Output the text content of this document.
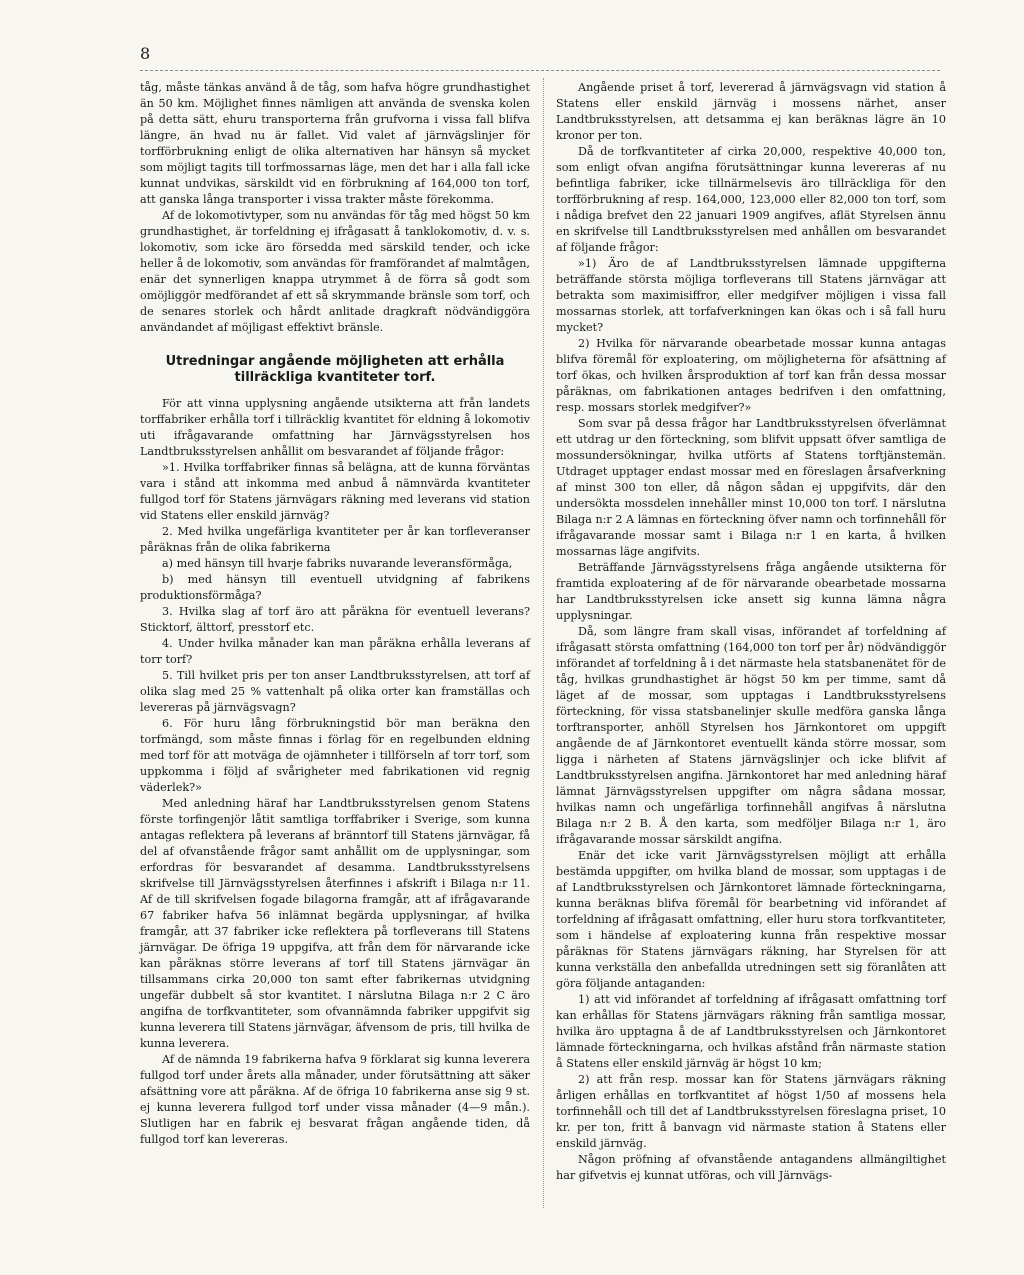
8

tåg, måste tänkas använd å de tåg, som hafva högre grundhastighet än 50 km. Möjlighet finnes nämligen att använda de svenska kolen på detta sätt, ehuru transporterna från grufvorna i vissa fall blifva längre, än hvad nu är fallet. Vid valet af järnvägslinjer för torfförbrukning enligt de olika alternativen har hänsyn så mycket som möjligt tagits till torfmossarnas läge, men det har i alla fall icke kunnat undvikas, särskildt vid en förbrukning af 164,000 ton torf, att ganska långa transporter i vissa trakter måste förekomma.

Af de lokomotivtyper, som nu användas för tåg med högst 50 km grundhastighet, är torfeldning ej ifrågasatt å tanklokomotiv, d. v. s. lokomotiv, som icke äro försedda med särskild tender, och icke heller å de lokomotiv, som användas för framförandet af malmtågen, enär det synnerligen knappa utrymmet å de förra så godt som omöjliggör medförandet af ett så skrymmande bränsle som torf, och de senares storlek och hårdt anlitade dragkraft nödvändiggöra användandet af möjligast effektivt bränsle.

Utredningar angående möjligheten att erhålla tillräckliga kvantiteter torf.

För att vinna upplysning angående utsikterna att från landets torffabriker erhålla torf i tillräcklig kvantitet för eldning å lokomotiv uti ifrågavarande omfattning har Järnvägsstyrelsen hos Landtbruksstyrelsen anhållit om besvarandet af följande frågor:

»1. Hvilka torffabriker finnas så belägna, att de kunna förväntas vara i stånd att inkomma med anbud å nämnvärda kvantiteter fullgod torf för Statens järnvägars räkning med leverans vid station vid Statens eller enskild järnväg?

2. Med hvilka ungefärliga kvantiteter per år kan torfleveranser påräknas från de olika fabrikerna

a) med hänsyn till hvarje fabriks nuvarande leveransförmåga,

b) med hänsyn till eventuell utvidgning af fabrikens produktionsförmåga?

3. Hvilka slag af torf äro att påräkna för eventuell leverans? Sticktorf, älttorf, presstorf etc.

4. Under hvilka månader kan man påräkna erhålla leverans af torr torf?

5. Till hvilket pris per ton anser Landtbruksstyrelsen, att torf af olika slag med 25 % vattenhalt på olika orter kan framställas och levereras på järnvägsvagn?

6. För huru lång förbrukningstid bör man beräkna den torfmängd, som måste finnas i förlag för en regelbunden eldning med torf för att motväga de ojämnheter i tillförseln af torr torf, som uppkomma i följd af svårigheter med fabrikationen vid regnig väderlek?»

Med anledning häraf har Landtbruksstyrelsen genom Statens förste torfingenjör låtit samtliga torffabriker i Sverige, som kunna antagas reflektera på leverans af bränntorf till Statens järnvägar, få del af ofvanstående frågor samt anhållit om de upplysningar, som erfordras för besvarandet af desamma. Landtbruksstyrelsens skrifvelse till Järnvägsstyrelsen återfinnes i afskrift i Bilaga n:r 11. Af de till skrifvelsen fogade bilagorna framgår, att af ifrågavarande 67 fabriker hafva 56 inlämnat begärda upplysningar, af hvilka framgår, att 37 fabriker icke reflektera på torfleverans till Statens järnvägar. De öfriga 19 uppgifva, att från dem för närvarande icke kan påräknas större leverans af torf till Statens järnvägar än tillsammans cirka 20,000 ton samt efter fabrikernas utvidgning ungefär dubbelt så stor kvantitet. I närslutna Bilaga n:r 2 C äro angifna de torfkvantiteter, som ofvannämnda fabriker uppgifvit sig kunna leverera till Statens järnvägar, äfvensom de pris, till hvilka de kunna leverera.

Af de nämnda 19 fabrikerna hafva 9 förklarat sig kunna leverera fullgod torf under årets alla månader, under förutsättning att säker afsättning vore att påräkna. Af de öfriga 10 fabrikerna anse sig 9 st. ej kunna leverera fullgod torf under vissa månader (4—9 mån.). Slutligen har en fabrik ej besvarat frågan angående tiden, då fullgod torf kan levereras.

Angående priset å torf, levererad å järnvägsvagn vid station å Statens eller enskild järnväg i mossens närhet, anser Landtbruksstyrelsen, att detsamma ej kan beräknas lägre än 10 kronor per ton.

Då de torfkvantiteter af cirka 20,000, respektive 40,000 ton, som enligt ofvan angifna förutsättningar kunna levereras af nu befintliga fabriker, icke tillnärmelsevis äro tillräckliga för den torfförbrukning af resp. 164,000, 123,000 eller 82,000 ton torf, som i nådiga brefvet den 22 januari 1909 angifves, aflät Styrelsen ännu en skrifvelse till Landtbruksstyrelsen med anhållen om besvarandet af följande frågor:

»1) Äro de af Landtbruksstyrelsen lämnade uppgifterna beträffande största möjliga torfleverans till Statens järnvägar att betrakta som maximisiffror, eller medgifver möjligen i vissa fall mossarnas storlek, att torfafverkningen kan ökas och i så fall huru mycket?

2) Hvilka för närvarande obearbetade mossar kunna antagas blifva föremål för exploatering, om möjligheterna för afsättning af torf ökas, och hvilken årsproduktion af torf kan från dessa mossar påräknas, om fabrikationen antages bedrifven i den omfattning, resp. mossars storlek medgifver?»

Som svar på dessa frågor har Landtbruksstyrelsen öfverlämnat ett utdrag ur den förteckning, som blifvit uppsatt öfver samtliga de mossundersökningar, hvilka utförts af Statens torftjänstemän. Utdraget upptager endast mossar med en föreslagen årsafverkning af minst 300 ton eller, då någon sådan ej uppgifvits, där den undersökta mossdelen innehåller minst 10,000 ton torf. I närslutna Bilaga n:r 2 A lämnas en förteckning öfver namn och torfinnehåll för ifrågavarande mossar samt i Bilaga n:r 1 en karta, å hvilken mossarnas läge angifvits.

Beträffande Järnvägsstyrelsens fråga angående utsikterna för framtida exploatering af de för närvarande obearbetade mossarna har Landtbruksstyrelsen icke ansett sig kunna lämna några upplysningar.

Då, som längre fram skall visas, införandet af torfeldning af ifrågasatt största omfattning (164,000 ton torf per år) nödvändiggör införandet af torfeldning å i det närmaste hela statsbanenätet för de tåg, hvilkas grundhastighet är högst 50 km per timme, samt då läget af de mossar, som upptagas i Landtbruksstyrelsens förteckning, för vissa statsbanelinjer skulle medföra ganska långa torftransporter, anhöll Styrelsen hos Järnkontoret om uppgift angående de af Järnkontoret eventuellt kända större mossar, som ligga i närheten af Statens järnvägslinjer och icke blifvit af Landtbruksstyrelsen angifna. Järnkontoret har med anledning häraf lämnat Järnvägsstyrelsen uppgifter om några sådana mossar, hvilkas namn och ungefärliga torfinnehåll angifvas å närslutna Bilaga n:r 2 B. Å den karta, som medföljer Bilaga n:r 1, äro ifrågavarande mossar särskildt angifna.

Enär det icke varit Järnvägsstyrelsen möjligt att erhålla bestämda uppgifter, om hvilka bland de mossar, som upptagas i de af Landtbruksstyrelsen och Järnkontoret lämnade förteckningarna, kunna beräknas blifva föremål för bearbetning vid införandet af torfeldning af ifrågasatt omfattning, eller huru stora torfkvantiteter, som i händelse af exploatering kunna från respektive mossar påräknas för Statens järnvägars räkning, har Styrelsen för att kunna verkställa den anbefallda utredningen sett sig föranlåten att göra följande antaganden:

1) att vid införandet af torfeldning af ifrågasatt omfattning torf kan erhållas för Statens järnvägars räkning från samtliga mossar, hvilka äro upptagna å de af Landtbruksstyrelsen och Järnkontoret lämnade förteckningarna, och hvilkas afstånd från närmaste station å Statens eller enskild järnväg är högst 10 km;

2) att från resp. mossar kan för Statens järnvägars räkning årligen erhållas en torfkvantitet af högst 1/50 af mossens hela torfinnehåll och till det af Landtbruksstyrelsen föreslagna priset, 10 kr. per ton, fritt å banvagn vid närmaste station å Statens eller enskild järnväg.

Någon pröfning af ofvanstående antagandens allmängiltighet har gifvetvis ej kunnat utföras, och vill Järnvägs-
